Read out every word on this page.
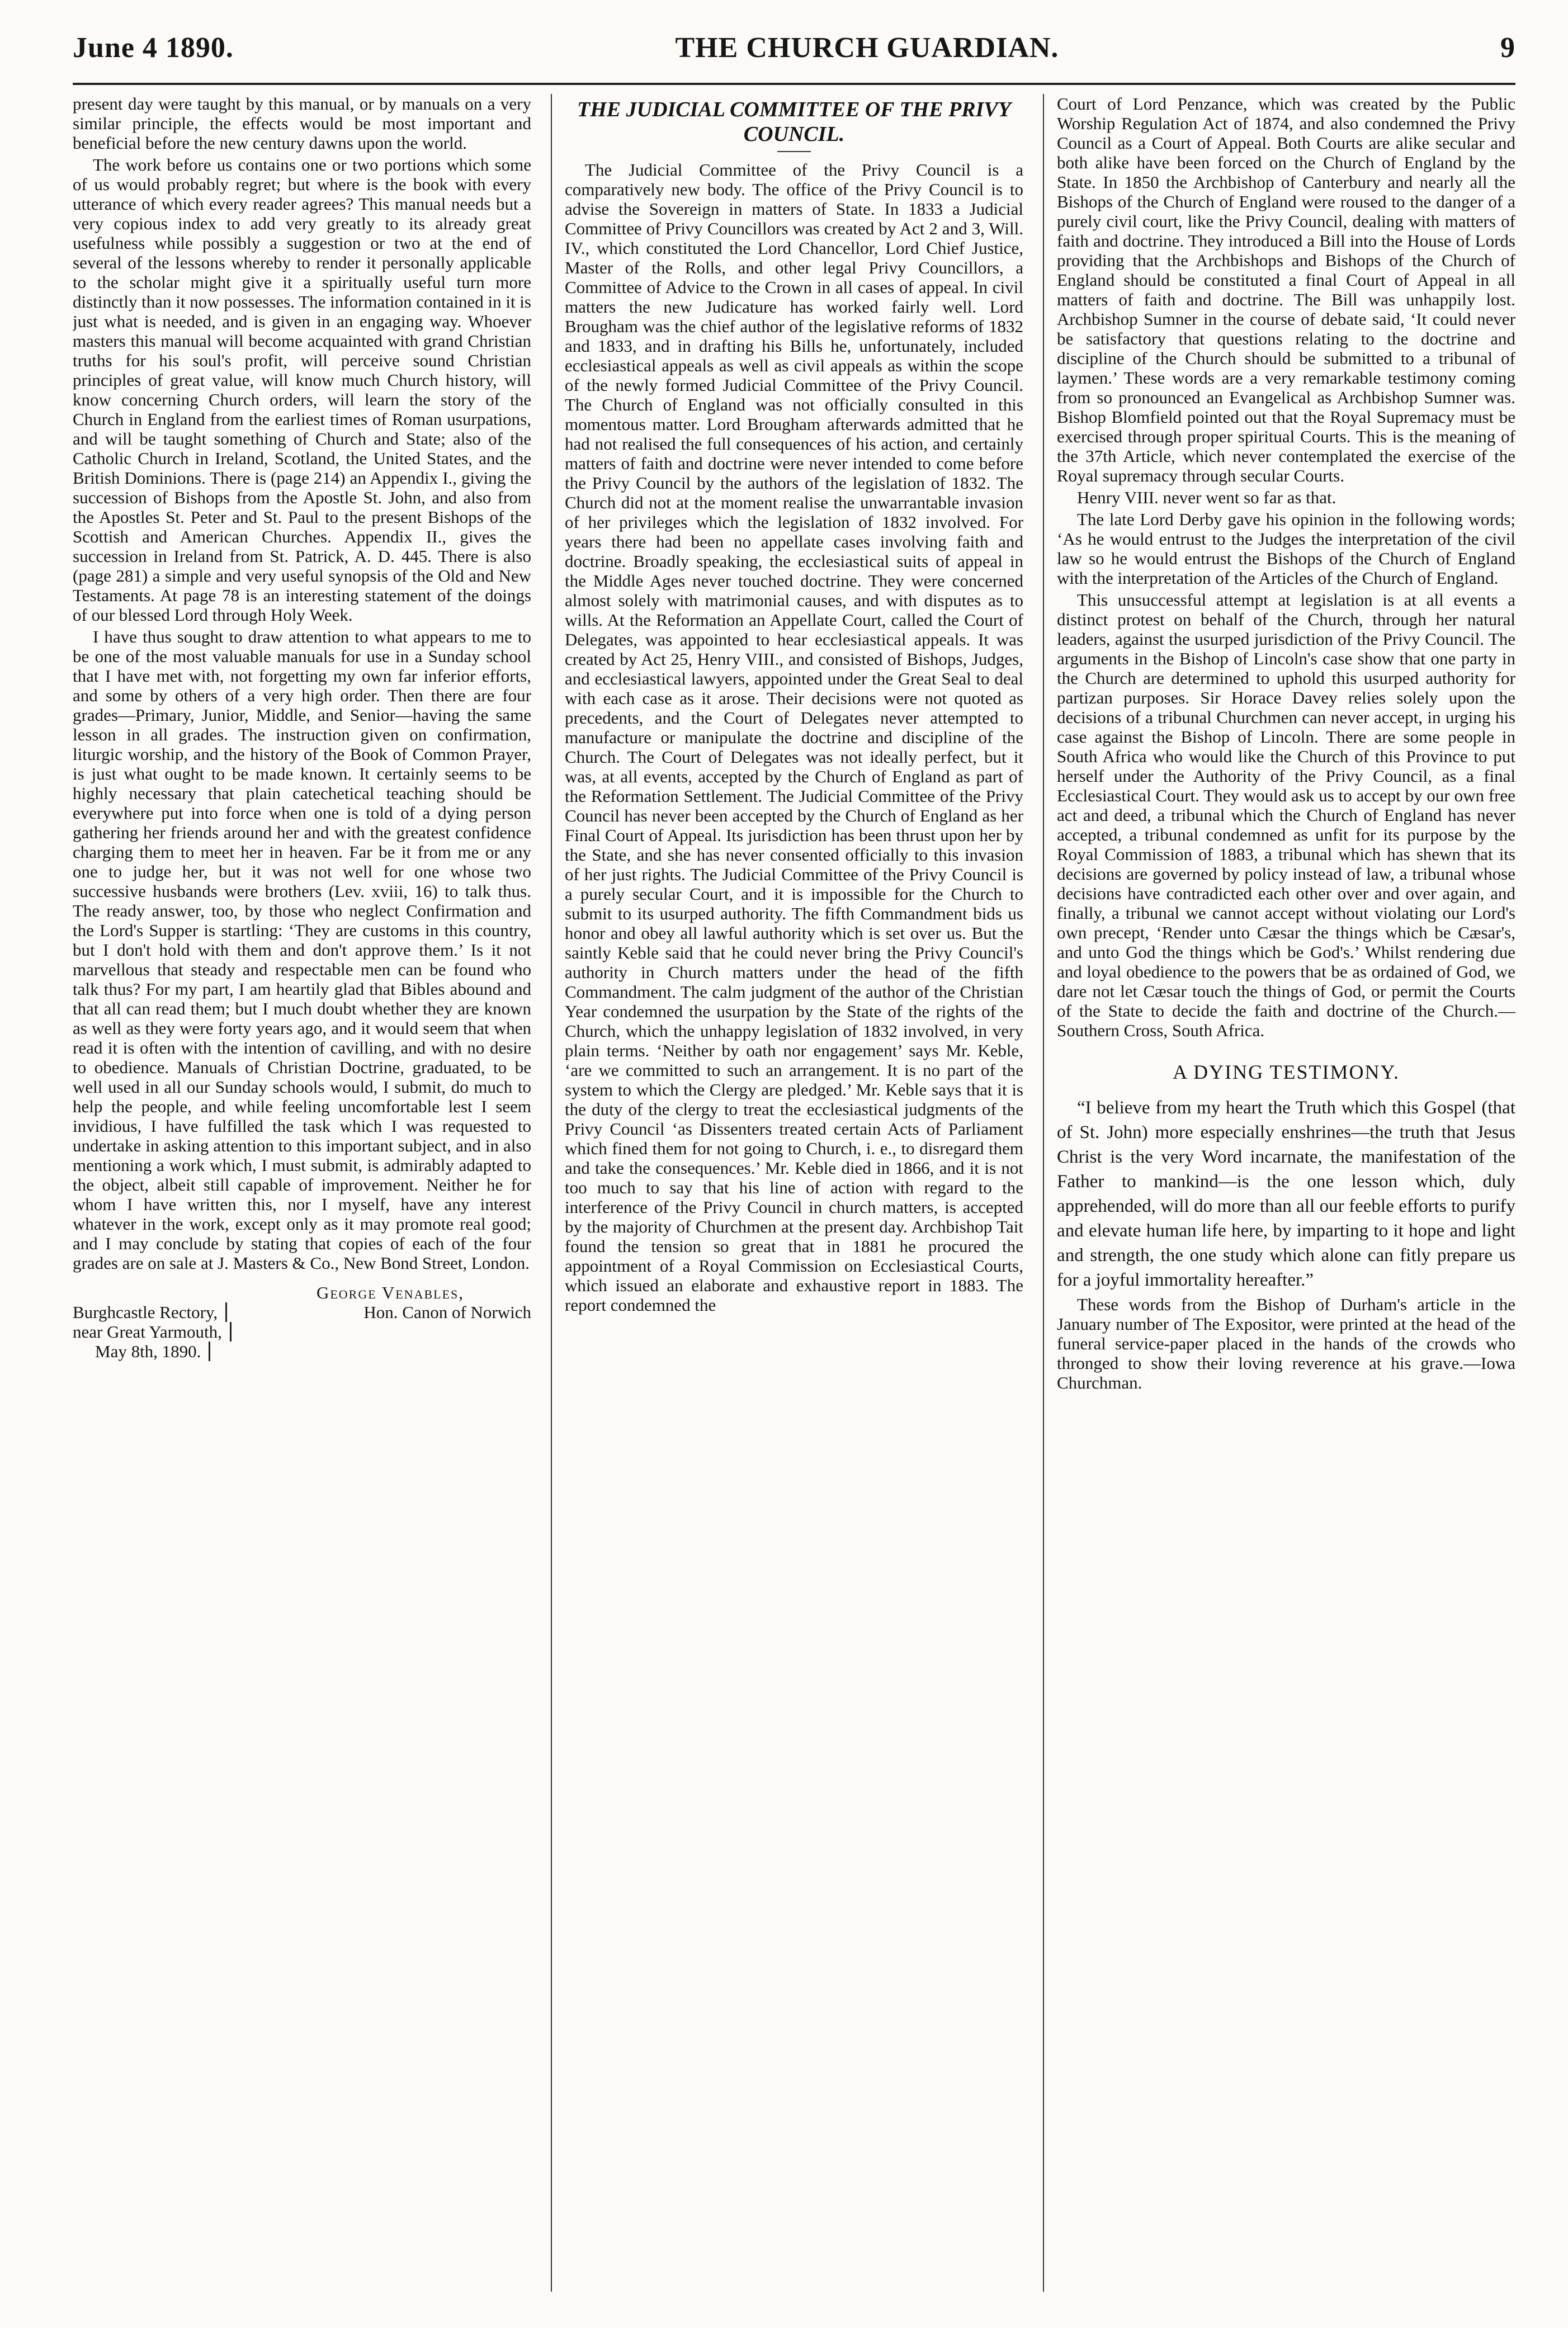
June 4 1890.	THE CHURCH GUARDIAN.	9

present day were taught by this manual, or by manuals on a very similar principle, the effects would be most important and beneficial before the new century dawns upon the world.

The work before us contains one or two portions which some of us would probably regret; but where is the book with every utterance of which every reader agrees? This manual needs but a very copious index to add very greatly to its already great usefulness while possibly a suggestion or two at the end of several of the lessons whereby to render it personally applicable to the scholar might give it a spiritually useful turn more distinctly than it now possesses. The information contained in it is just what is needed, and is given in an engaging way. Whoever masters this manual will become acquainted with grand Christian truths for his soul's profit, will perceive sound Christian principles of great value, will know much Church history, will know concerning Church orders, will learn the story of the Church in England from the earliest times of Roman usurpations, and will be taught something of Church and State; also of the Catholic Church in Ireland, Scotland, the United States, and the British Dominions. There is (page 214) an Appendix I., giving the succession of Bishops from the Apostle St. John, and also from the Apostles St. Peter and St. Paul to the present Bishops of the Scottish and American Churches. Appendix II., gives the succession in Ireland from St. Patrick, A. D. 445. There is also (page 281) a simple and very useful synopsis of the Old and New Testaments. At page 78 is an interesting statement of the doings of our blessed Lord through Holy Week.

I have thus sought to draw attention to what appears to me to be one of the most valuable manuals for use in a Sunday school that I have met with, not forgetting my own far inferior efforts, and some by others of a very high order. Then there are four grades—Primary, Junior, Middle, and Senior—having the same lesson in all grades. The instruction given on confirmation, liturgic worship, and the history of the Book of Common Prayer, is just what ought to be made known. It certainly seems to be highly necessary that plain catechetical teaching should be everywhere put into force when one is told of a dying person gathering her friends around her and with the greatest confidence charging them to meet her in heaven. Far be it from me or any one to judge her, but it was not well for one whose two successive husbands were brothers (Lev. xviii, 16) to talk thus. The ready answer, too, by those who neglect Confirmation and the Lord's Supper is startling: ‘They are customs in this country, but I don't hold with them and don't approve them.’ Is it not marvellous that steady and respectable men can be found who talk thus? For my part, I am heartily glad that Bibles abound and that all can read them; but I much doubt whether they are known as well as they were forty years ago, and it would seem that when read it is often with the intention of cavilling, and with no desire to obedience. Manuals of Christian Doctrine, graduated, to be well used in all our Sunday schools would, I submit, do much to help the people, and while feeling uncomfortable lest I seem invidious, I have fulfilled the task which I was requested to undertake in asking attention to this important subject, and in also mentioning a work which, I must submit, is admirably adapted to the object, albeit still capable of improvement. Neither he for whom I have written this, nor I myself, have any interest whatever in the work, except only as it may promote real good; and I may conclude by stating that copies of each of the four grades are on sale at J. Masters & Co., New Bond Street, London.

George Venables,
Burghcastle Rectory,	Hon. Canon of Norwich
near Great Yarmouth,
May 8th, 1890.
THE JUDICIAL COMMITTEE OF THE PRIVY COUNCIL.

The Judicial Committee of the Privy Council is a comparatively new body. The office of the Privy Council is to advise the Sovereign in matters of State. In 1833 a Judicial Committee of Privy Councillors was created by Act 2 and 3, Will. IV., which constituted the Lord Chancellor, Lord Chief Justice, Master of the Rolls, and other legal Privy Councillors, a Committee of Advice to the Crown in all cases of appeal. In civil matters the new Judicature has worked fairly well. Lord Brougham was the chief author of the legislative reforms of 1832 and 1833, and in drafting his Bills he, unfortunately, included ecclesiastical appeals as well as civil appeals as within the scope of the newly formed Judicial Committee of the Privy Council. The Church of England was not officially consulted in this momentous matter. Lord Brougham afterwards admitted that he had not realised the full consequences of his action, and certainly matters of faith and doctrine were never intended to come before the Privy Council by the authors of the legislation of 1832. The Church did not at the moment realise the unwarrantable invasion of her privileges which the legislation of 1832 involved. For years there had been no appellate cases involving faith and doctrine. Broadly speaking, the ecclesiastical suits of appeal in the Middle Ages never touched doctrine. They were concerned almost solely with matrimonial causes, and with disputes as to wills. At the Reformation an Appellate Court, called the Court of Delegates, was appointed to hear ecclesiastical appeals. It was created by Act 25, Henry VIII., and consisted of Bishops, Judges, and ecclesiastical lawyers, appointed under the Great Seal to deal with each case as it arose. Their decisions were not quoted as precedents, and the Court of Delegates never attempted to manufacture or manipulate the doctrine and discipline of the Church. The Court of Delegates was not ideally perfect, but it was, at all events, accepted by the Church of England as part of the Reformation Settlement. The Judicial Committee of the Privy Council has never been accepted by the Church of England as her Final Court of Appeal. Its jurisdiction has been thrust upon her by the State, and she has never consented officially to this invasion of her just rights. The Judicial Committee of the Privy Council is a purely secular Court, and it is impossible for the Church to submit to its usurped authority. The fifth Commandment bids us honor and obey all lawful authority which is set over us. But the saintly Keble said that he could never bring the Privy Council's authority in Church matters under the head of the fifth Commandment. The calm judgment of the author of the Christian Year condemned the usurpation by the State of the rights of the Church, which the unhappy legislation of 1832 involved, in very plain terms. ‘Neither by oath nor engagement’ says Mr. Keble, ‘are we committed to such an arrangement. It is no part of the system to which the Clergy are pledged.’ Mr. Keble says that it is the duty of the clergy to treat the ecclesiastical judgments of the Privy Council ‘as Dissenters treated certain Acts of Parliament which fined them for not going to Church, i. e., to disregard them and take the consequences.’ Mr. Keble died in 1866, and it is not too much to say that his line of action with regard to the interference of the Privy Council in church matters, is accepted by the majority of Churchmen at the present day. Archbishop Tait found the tension so great that in 1881 he procured the appointment of a Royal Commission on Ecclesiastical Courts, which issued an elaborate and exhaustive report in 1883. The report condemned the

Court of Lord Penzance, which was created by the Public Worship Regulation Act of 1874, and also condemned the Privy Council as a Court of Appeal. Both Courts are alike secular and both alike have been forced on the Church of England by the State. In 1850 the Archbishop of Canterbury and nearly all the Bishops of the Church of England were roused to the danger of a purely civil court, like the Privy Council, dealing with matters of faith and doctrine. They introduced a Bill into the House of Lords providing that the Archbishops and Bishops of the Church of England should be constituted a final Court of Appeal in all matters of faith and doctrine. The Bill was unhappily lost. Archbishop Sumner in the course of debate said, ‘It could never be satisfactory that questions relating to the doctrine and discipline of the Church should be submitted to a tribunal of laymen.’ These words are a very remarkable testimony coming from so pronounced an Evangelical as Archbishop Sumner was. Bishop Blomfield pointed out that the Royal Supremacy must be exercised through proper spiritual Courts. This is the meaning of the 37th Article, which never contemplated the exercise of the Royal supremacy through secular Courts.

Henry VIII. never went so far as that.

The late Lord Derby gave his opinion in the following words; ‘As he would entrust to the Judges the interpretation of the civil law so he would entrust the Bishops of the Church of England with the interpretation of the Articles of the Church of England.

This unsuccessful attempt at legislation is at all events a distinct protest on behalf of the Church, through her natural leaders, against the usurped jurisdiction of the Privy Council. The arguments in the Bishop of Lincoln's case show that one party in the Church are determined to uphold this usurped authority for partizan purposes. Sir Horace Davey relies solely upon the decisions of a tribunal Churchmen can never accept, in urging his case against the Bishop of Lincoln. There are some people in South Africa who would like the Church of this Province to put herself under the Authority of the Privy Council, as a final Ecclesiastical Court. They would ask us to accept by our own free act and deed, a tribunal which the Church of England has never accepted, a tribunal condemned as unfit for its purpose by the Royal Commission of 1883, a tribunal which has shewn that its decisions are governed by policy instead of law, a tribunal whose decisions have contradicted each other over and over again, and finally, a tribunal we cannot accept without violating our Lord's own precept, ‘Render unto Cæsar the things which be Cæsar's, and unto God the things which be God's.’ Whilst rendering due and loyal obedience to the powers that be as ordained of God, we dare not let Cæsar touch the things of God, or permit the Courts of the State to decide the faith and doctrine of the Church.—Southern Cross, South Africa.

A DYING TESTIMONY.

“I believe from my heart the Truth which this Gospel (that of St. John) more especially enshrines—the truth that Jesus Christ is the very Word incarnate, the manifestation of the Father to mankind—is the one lesson which, duly apprehended, will do more than all our feeble efforts to purify and elevate human life here, by imparting to it hope and light and strength, the one study which alone can fitly prepare us for a joyful immortality hereafter.”

These words from the Bishop of Durham's article in the January number of The Expositor, were printed at the head of the funeral service-paper placed in the hands of the crowds who thronged to show their loving reverence at his grave.—Iowa Churchman.
